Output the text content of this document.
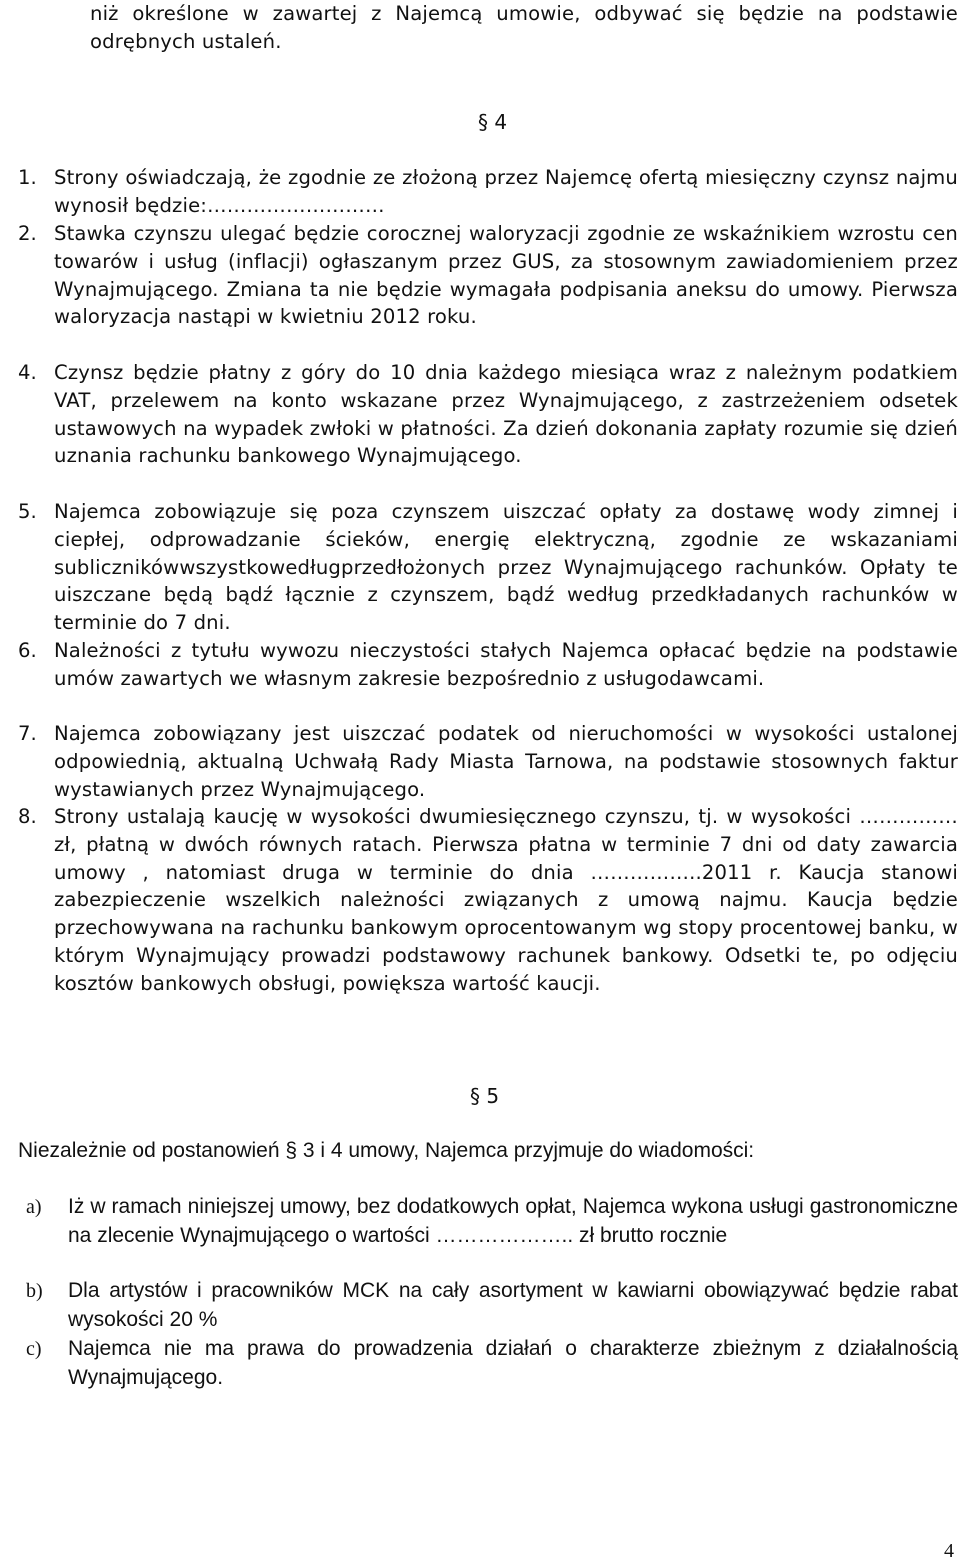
niż określone w zawartej z Najemcą umowie, odbywać się będzie na podstawie odrębnych ustaleń.

§ 4
1. Strony oświadczają, że zgodnie ze złożoną przez Najemcę ofertą miesięczny czynsz najmu wynosił będzie:………………………

2. Stawka czynszu ulegać będzie corocznej waloryzacji zgodnie ze wskaźnikiem wzrostu cen towarów i usług (inflacji) ogłaszanym przez GUS, za stosownym zawiadomieniem przez Wynajmującego. Zmiana ta nie będzie wymagała podpisania aneksu do umowy. Pierwsza waloryzacja nastąpi w kwietniu 2012 roku.

4. Czynsz będzie płatny z góry do 10 dnia każdego miesiąca wraz z należnym podatkiem VAT, przelewem na konto wskazane przez Wynajmującego, z zastrzeżeniem odsetek ustawowych na wypadek zwłoki w płatności. Za dzień dokonania zapłaty rozumie się dzień uznania rachunku bankowego Wynajmującego.

5. Najemca zobowiązuje się poza czynszem uiszczać opłaty za dostawę wody zimnej i ciepłej, odprowadzanie ścieków, energię elektryczną, zgodnie ze wskazaniami sublicznikówwszystkowedługprzedłożonych przez Wynajmującego rachunków. Opłaty te uiszczane będą bądź łącznie z czynszem, bądź według przedkładanych rachunków w terminie do 7 dni.

6. Należności z tytułu wywozu nieczystości stałych Najemca opłacać będzie na podstawie umów zawartych we własnym zakresie bezpośrednio z usługodawcami.

7. Najemca zobowiązany jest uiszczać podatek od nieruchomości w wysokości ustalonej odpowiednią, aktualną Uchwałą Rady Miasta Tarnowa, na podstawie stosownych faktur wystawianych przez Wynajmującego.

8. Strony ustalają kaucję w wysokości dwumiesięcznego czynszu, tj. w wysokości ……………zł, płatną w dwóch równych ratach. Pierwsza płatna w terminie 7 dni od daty zawarcia umowy , natomiast druga w terminie do dnia ……………..2011 r. Kaucja stanowi zabezpieczenie wszelkich należności związanych z umową najmu. Kaucja będzie przechowywana na rachunku bankowym oprocentowanym wg stopy procentowej banku, w którym Wynajmujący prowadzi podstawowy rachunek bankowy. Odsetki te, po odjęciu kosztów bankowych obsługi, powiększa wartość kaucji.

§ 5

Niezależnie od postanowień § 3 i 4 umowy, Najemca przyjmuje do wiadomości:

a) Iż w ramach niniejszej umowy, bez dodatkowych opłat, Najemca wykona usługi gastronomiczne na zlecenie Wynajmującego o wartości ……………….. zł brutto rocznie

b) Dla artystów i pracowników MCK na cały asortyment w kawiarni obowiązywać będzie rabat wysokości 20 %

c) Najemca nie ma prawa do prowadzenia działań o charakterze zbieżnym z działalnością Wynajmującego.

4
